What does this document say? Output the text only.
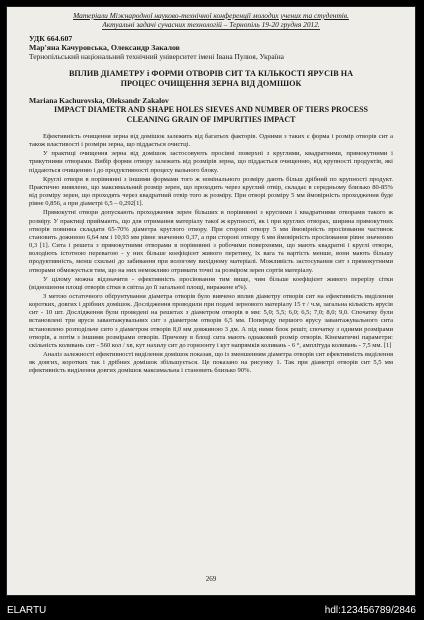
Матеріали Міжнародної науково-технічної конференції молодих учених та студентів.
Актуальні задачі сучасних технологій – Тернопіль 19-20 грудня 2012.
УДК 664.607
Мар'яна Качуровська, Олександр Закалов
Тернопільський національний технічний університет імені Івана Пулюя, Україна
ВПЛИВ ДІАМЕТРУ і ФОРМИ ОТВОРІВ СИТ ТА КІЛЬКОСТІ ЯРУСІВ НА
ПРОЦЕС ОЧИЩЕННЯ ЗЕРНА ВІД ДОМІШОК
Mariana Kachurovska, Oleksandr Zakalov
IMPACT DIAMETR AND SHAPE HOLES SIEVES AND NUMBER OF TIERS PROCESS
CLEANING GRAIN OF IMPURITIES IMPACT

Ефективність очищення зерна від домішок залежить від багатьох факторів. Одними з таких є форма і розмір отворів сит а також властивості і розміри зерна, що піддається очистці.

У практиці очищення зерна від домішок застосовують просівні поверхні з круглими, квадратними, прямокутними і трикутними отворами. Вибір форми отвору залежить від розмірів зерна, що піддається очищенню, від крупності продуктів, які піддаються очищенню і до продуктивності процесу вального блоку.

Круглі отвори в порівнянні з іншими формами того ж номінального розміру дають більш дрібний по крупності продукт. Практично виявлено, що максимальний розмір зерен, що проходить через круглий отвір, складає в середньому близько 80-85% від розміру зерен, що проходять через квадратний отвір того ж розміру. При отворі розміру 5 мм ймовірність проходження буде рівне 0,856, а при діаметрі 6,5 – 0,292[1].

Прямокутні отвори допускають проходження зерен більших в порівнянні з круглими і квадратними отворами такого ж розміру. У практиці приймають, що для отримання матеріалу такої ж крупності, як і при круглих отворах, ширина прямокутних отворів повинна складати 65-70% діаметра круглого отвору. При стороні отвору 5 мм ймовірність просіювання частинок становить дожиною 6,64 мм і 10,93 мм рівне значенню 0,37, а при стороні отвору 6 мм ймовірність просіювання рівне значенню 0,3 [1]. Сита і решета з прямокутними отворами в порівнянні з робочими поверхнями, що мають квадратні і круглі отвори, володіють істотною перевагою - у них більше коефіцієнт живого перетину, їх вага та вартість менше, вони мають більшу продуктивність, менш схильні до забивання при вологому вихідному матеріалі. Можливість застосування сит з прямокутними отворами обмежується тим, що на них неможливо отримати точні за розміром зерен сортів матеріалу.

У цілому можна відзначити - ефективність просіювання тим вище, чим більше коефіцієнт живого перерізу сітки (відношення площі отворів сітки в світла до її загальної площі, виражене в%).

З метою остаточного обґрунтування діаметра отворів було вивчено вплив діаметру отворів сит на ефективність виділення коротких, довгих і дрібних домішок. Дослідження проводили при подачі зернового матеріалу 15 т / ч.м, загальна кількість ярусів сит - 10 шт. Дослідження були проведені на решетах з діаметром отворів в мм: 5,0; 5,5; 6,0; 6,5; 7,0; 8,0; 9,0. Спочатку були встановлені три яруси завантажувальних сит з діаметром отворів 6,5 мм. Попереду першого ярусу завантажувального сита встановлено розподільче сито з діаметром отворів 8,0 мм довжиною 3 дм. А під ними блок решіт, спочатку з одними розмірами отворів, а потім з іншими розмірами отворів. Причому в блоці сита мають однаковий розмір отворів. Кінематичні параметри: скільність коливань сит - 560 кол / хв, кут нахилу сит до горизонту і кут напрямків коливань - 6 °, амплітуда коливань - 7,5 мм. [1]

Аналіз залежності ефективності виділення домішок показав, що із зменшенням діаметра отворів сит ефективність виділення як довгих, коротких так і дрібних домішок збільшується. Це показано на рисунку 1. Так при діаметрі отворів сит 5,5 мм ефективність виділення довгих домішок максимальна і становить близько 90%.

269
ELARTU	hdl:123456789/2846
